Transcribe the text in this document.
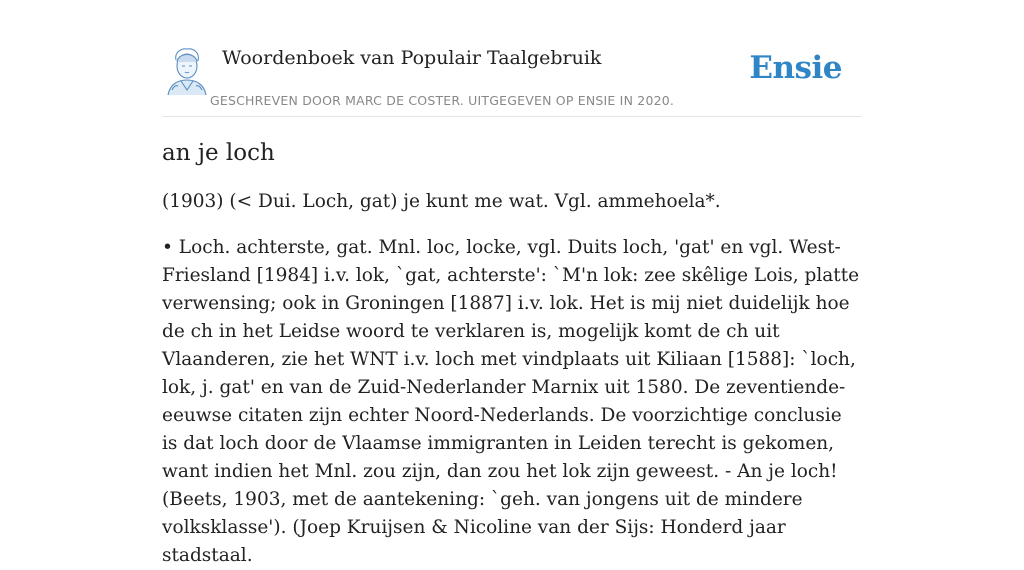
Woordenboek van Populair Taalgebruik
GESCHREVEN DOOR MARC DE COSTER. UITGEGEVEN OP ENSIE IN 2020.
Ensie
an je loch

(1903) (< Dui. Loch, gat) je kunt me wat. Vgl. ammehoela*.

• Loch. achterste, gat. Mnl. loc, locke, vgl. Duits loch, 'gat' en vgl. West-Friesland [1984] i.v. lok, `gat, achterste': `M'n lok: zee skêlige Lois, platte verwensing; ook in Groningen [1887] i.v. lok. Het is mij niet duidelijk hoe de ch in het Leidse woord te verklaren is, mogelijk komt de ch uit Vlaanderen, zie het WNT i.v. loch met vindplaats uit Kiliaan [1588]: `loch, lok, j. gat' en van de Zuid-Nederlander Marnix uit 1580. De zeventiende-eeuwse citaten zijn echter Noord-Nederlands. De voorzichtige conclusie is dat loch door de Vlaamse immigranten in Leiden terecht is gekomen, want indien het Mnl. zou zijn, dan zou het lok zijn geweest. - An je loch! (Beets, 1903, met de aantekening: `geh. van jongens uit de mindere volksklasse'). (Joep Kruijsen & Nicoline van der Sijs: Honderd jaar stadstaal.
